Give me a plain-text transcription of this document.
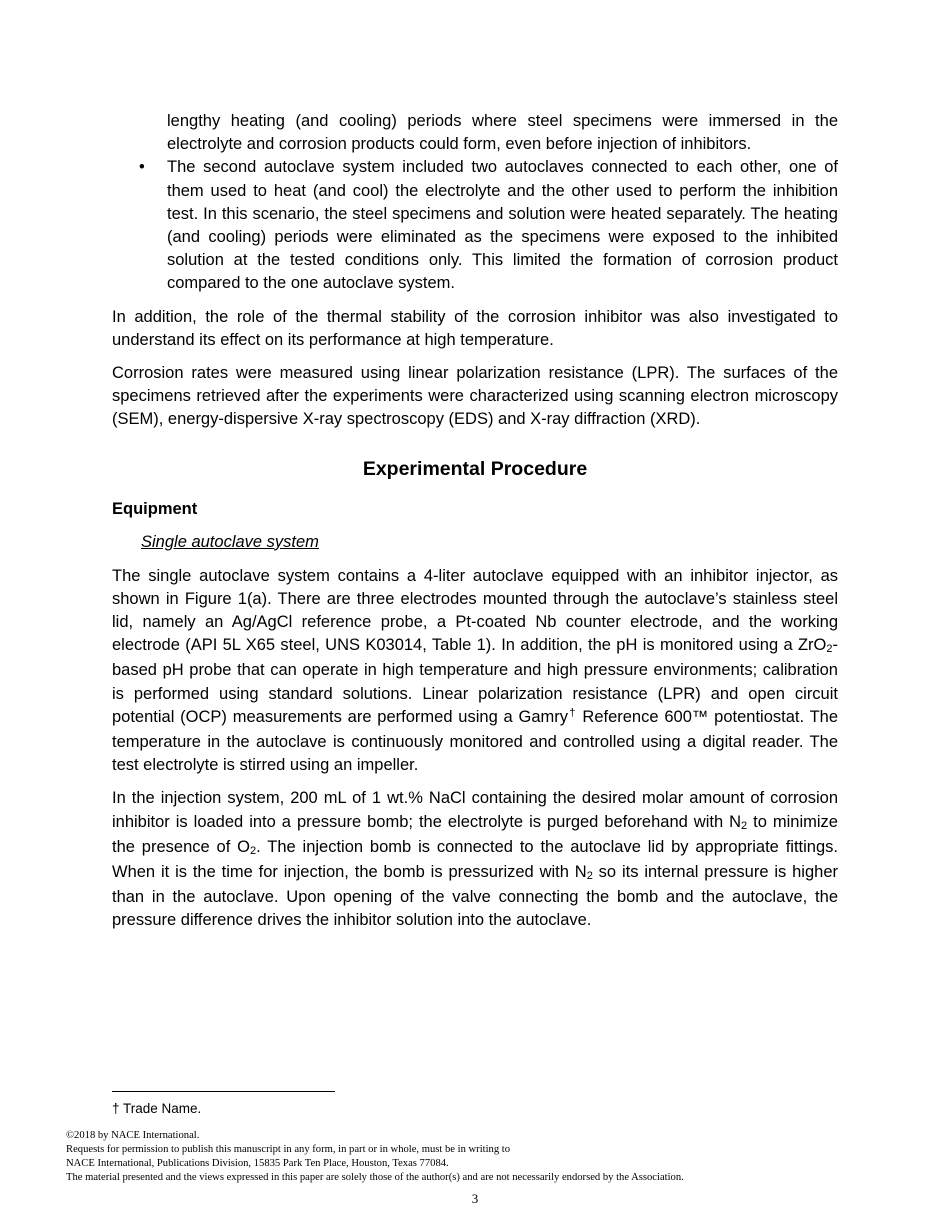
lengthy heating (and cooling) periods where steel specimens were immersed in the electrolyte and corrosion products could form, even before injection of inhibitors.

• The second autoclave system included two autoclaves connected to each other, one of them used to heat (and cool) the electrolyte and the other used to perform the inhibition test. In this scenario, the steel specimens and solution were heated separately. The heating (and cooling) periods were eliminated as the specimens were exposed to the inhibited solution at the tested conditions only. This limited the formation of corrosion product compared to the one autoclave system.

In addition, the role of the thermal stability of the corrosion inhibitor was also investigated to understand its effect on its performance at high temperature.

Corrosion rates were measured using linear polarization resistance (LPR). The surfaces of the specimens retrieved after the experiments were characterized using scanning electron microscopy (SEM), energy-dispersive X-ray spectroscopy (EDS) and X-ray diffraction (XRD).

Experimental Procedure
Equipment
Single autoclave system

The single autoclave system contains a 4-liter autoclave equipped with an inhibitor injector, as shown in Figure 1(a). There are three electrodes mounted through the autoclave’s stainless steel lid, namely an Ag/AgCl reference probe, a Pt-coated Nb counter electrode, and the working electrode (API 5L X65 steel, UNS K03014, Table 1). In addition, the pH is monitored using a ZrO$_2$-based pH probe that can operate in high temperature and high pressure environments; calibration is performed using standard solutions. Linear polarization resistance (LPR) and open circuit potential (OCP) measurements are performed using a Gamry† Reference 600™ potentiostat. The temperature in the autoclave is continuously monitored and controlled using a digital reader. The test electrolyte is stirred using an impeller.

In the injection system, 200 mL of 1 wt.% NaCl containing the desired molar amount of corrosion inhibitor is loaded into a pressure bomb; the electrolyte is purged beforehand with $N_2$ to minimize the presence of $O_2$. The injection bomb is connected to the autoclave lid by appropriate fittings. When it is the time for injection, the bomb is pressurized with $N_2$ so its internal pressure is higher than in the autoclave. Upon opening of the valve connecting the bomb and the autoclave, the pressure difference drives the inhibitor solution into the autoclave.

† Trade Name.
©2018 by NACE International.
Requests for permission to publish this manuscript in any form, in part or in whole, must be in writing to
NACE International, Publications Division, 15835 Park Ten Place, Houston, Texas 77084.
The material presented and the views expressed in this paper are solely those of the author(s) and are not necessarily endorsed by the Association.
3
